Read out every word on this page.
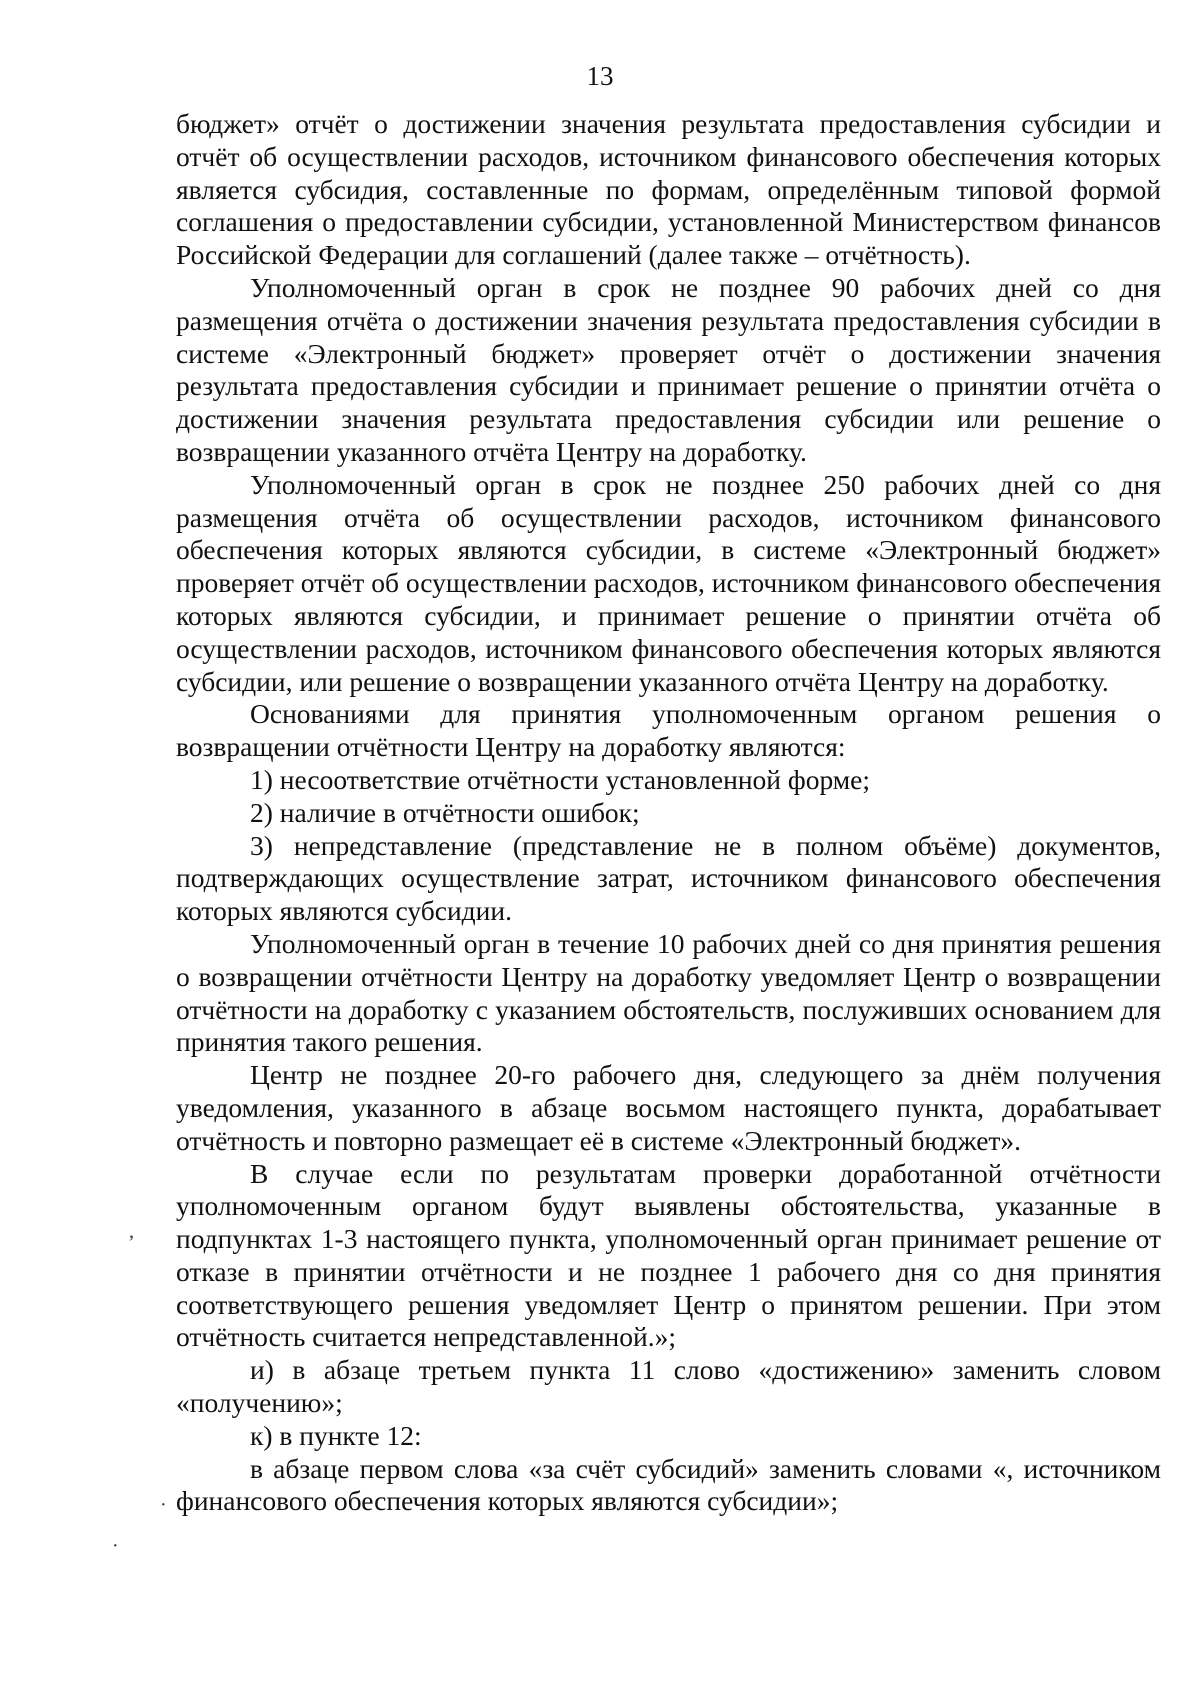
13

бюджет» отчёт о достижении значения результата предоставления субсидии и отчёт об осуществлении расходов, источником финансового обеспечения которых является субсидия, составленные по формам, определённым типовой формой соглашения о предоставлении субсидии, установленной Министерством финансов Российской Федерации для соглашений (далее также – отчётность).

Уполномоченный орган в срок не позднее 90 рабочих дней со дня размещения отчёта о достижении значения результата предоставления субсидии в системе «Электронный бюджет» проверяет отчёт о достижении значения результата предоставления субсидии и принимает решение о принятии отчёта о достижении значения результата предоставления субсидии или решение о возвращении указанного отчёта Центру на доработку.

Уполномоченный орган в срок не позднее 250 рабочих дней со дня размещения отчёта об осуществлении расходов, источником финансового обеспечения которых являются субсидии, в системе «Электронный бюджет» проверяет отчёт об осуществлении расходов, источником финансового обеспечения которых являются субсидии, и принимает решение о принятии отчёта об осуществлении расходов, источником финансового обеспечения которых являются субсидии, или решение о возвращении указанного отчёта Центру на доработку.

Основаниями для принятия уполномоченным органом решения о возвращении отчётности Центру на доработку являются:

1) несоответствие отчётности установленной форме;

2) наличие в отчётности ошибок;

3) непредставление (представление не в полном объёме) документов, подтверждающих осуществление затрат, источником финансового обеспечения которых являются субсидии.

Уполномоченный орган в течение 10 рабочих дней со дня принятия решения о возвращении отчётности Центру на доработку уведомляет Центр о возвращении отчётности на доработку с указанием обстоятельств, послуживших основанием для принятия такого решения.

Центр не позднее 20-го рабочего дня, следующего за днём получения уведомления, указанного в абзаце восьмом настоящего пункта, дорабатывает отчётность и повторно размещает её в системе «Электронный бюджет».

В случае если по результатам проверки доработанной отчётности уполномоченным органом будут выявлены обстоятельства, указанные в подпунктах 1-3 настоящего пункта, уполномоченный орган принимает решение от отказе в принятии отчётности и не позднее 1 рабочего дня со дня принятия соответствующего решения уведомляет Центр о принятом решении. При этом отчётность считается непредставленной.»;

и) в абзаце третьем пункта 11 слово «достижению» заменить словом «получению»;

к) в пункте 12:

в абзаце первом слова «за счёт субсидий» заменить словами «, источником финансового обеспечения которых являются субсидии»;

ʼ
·
·
